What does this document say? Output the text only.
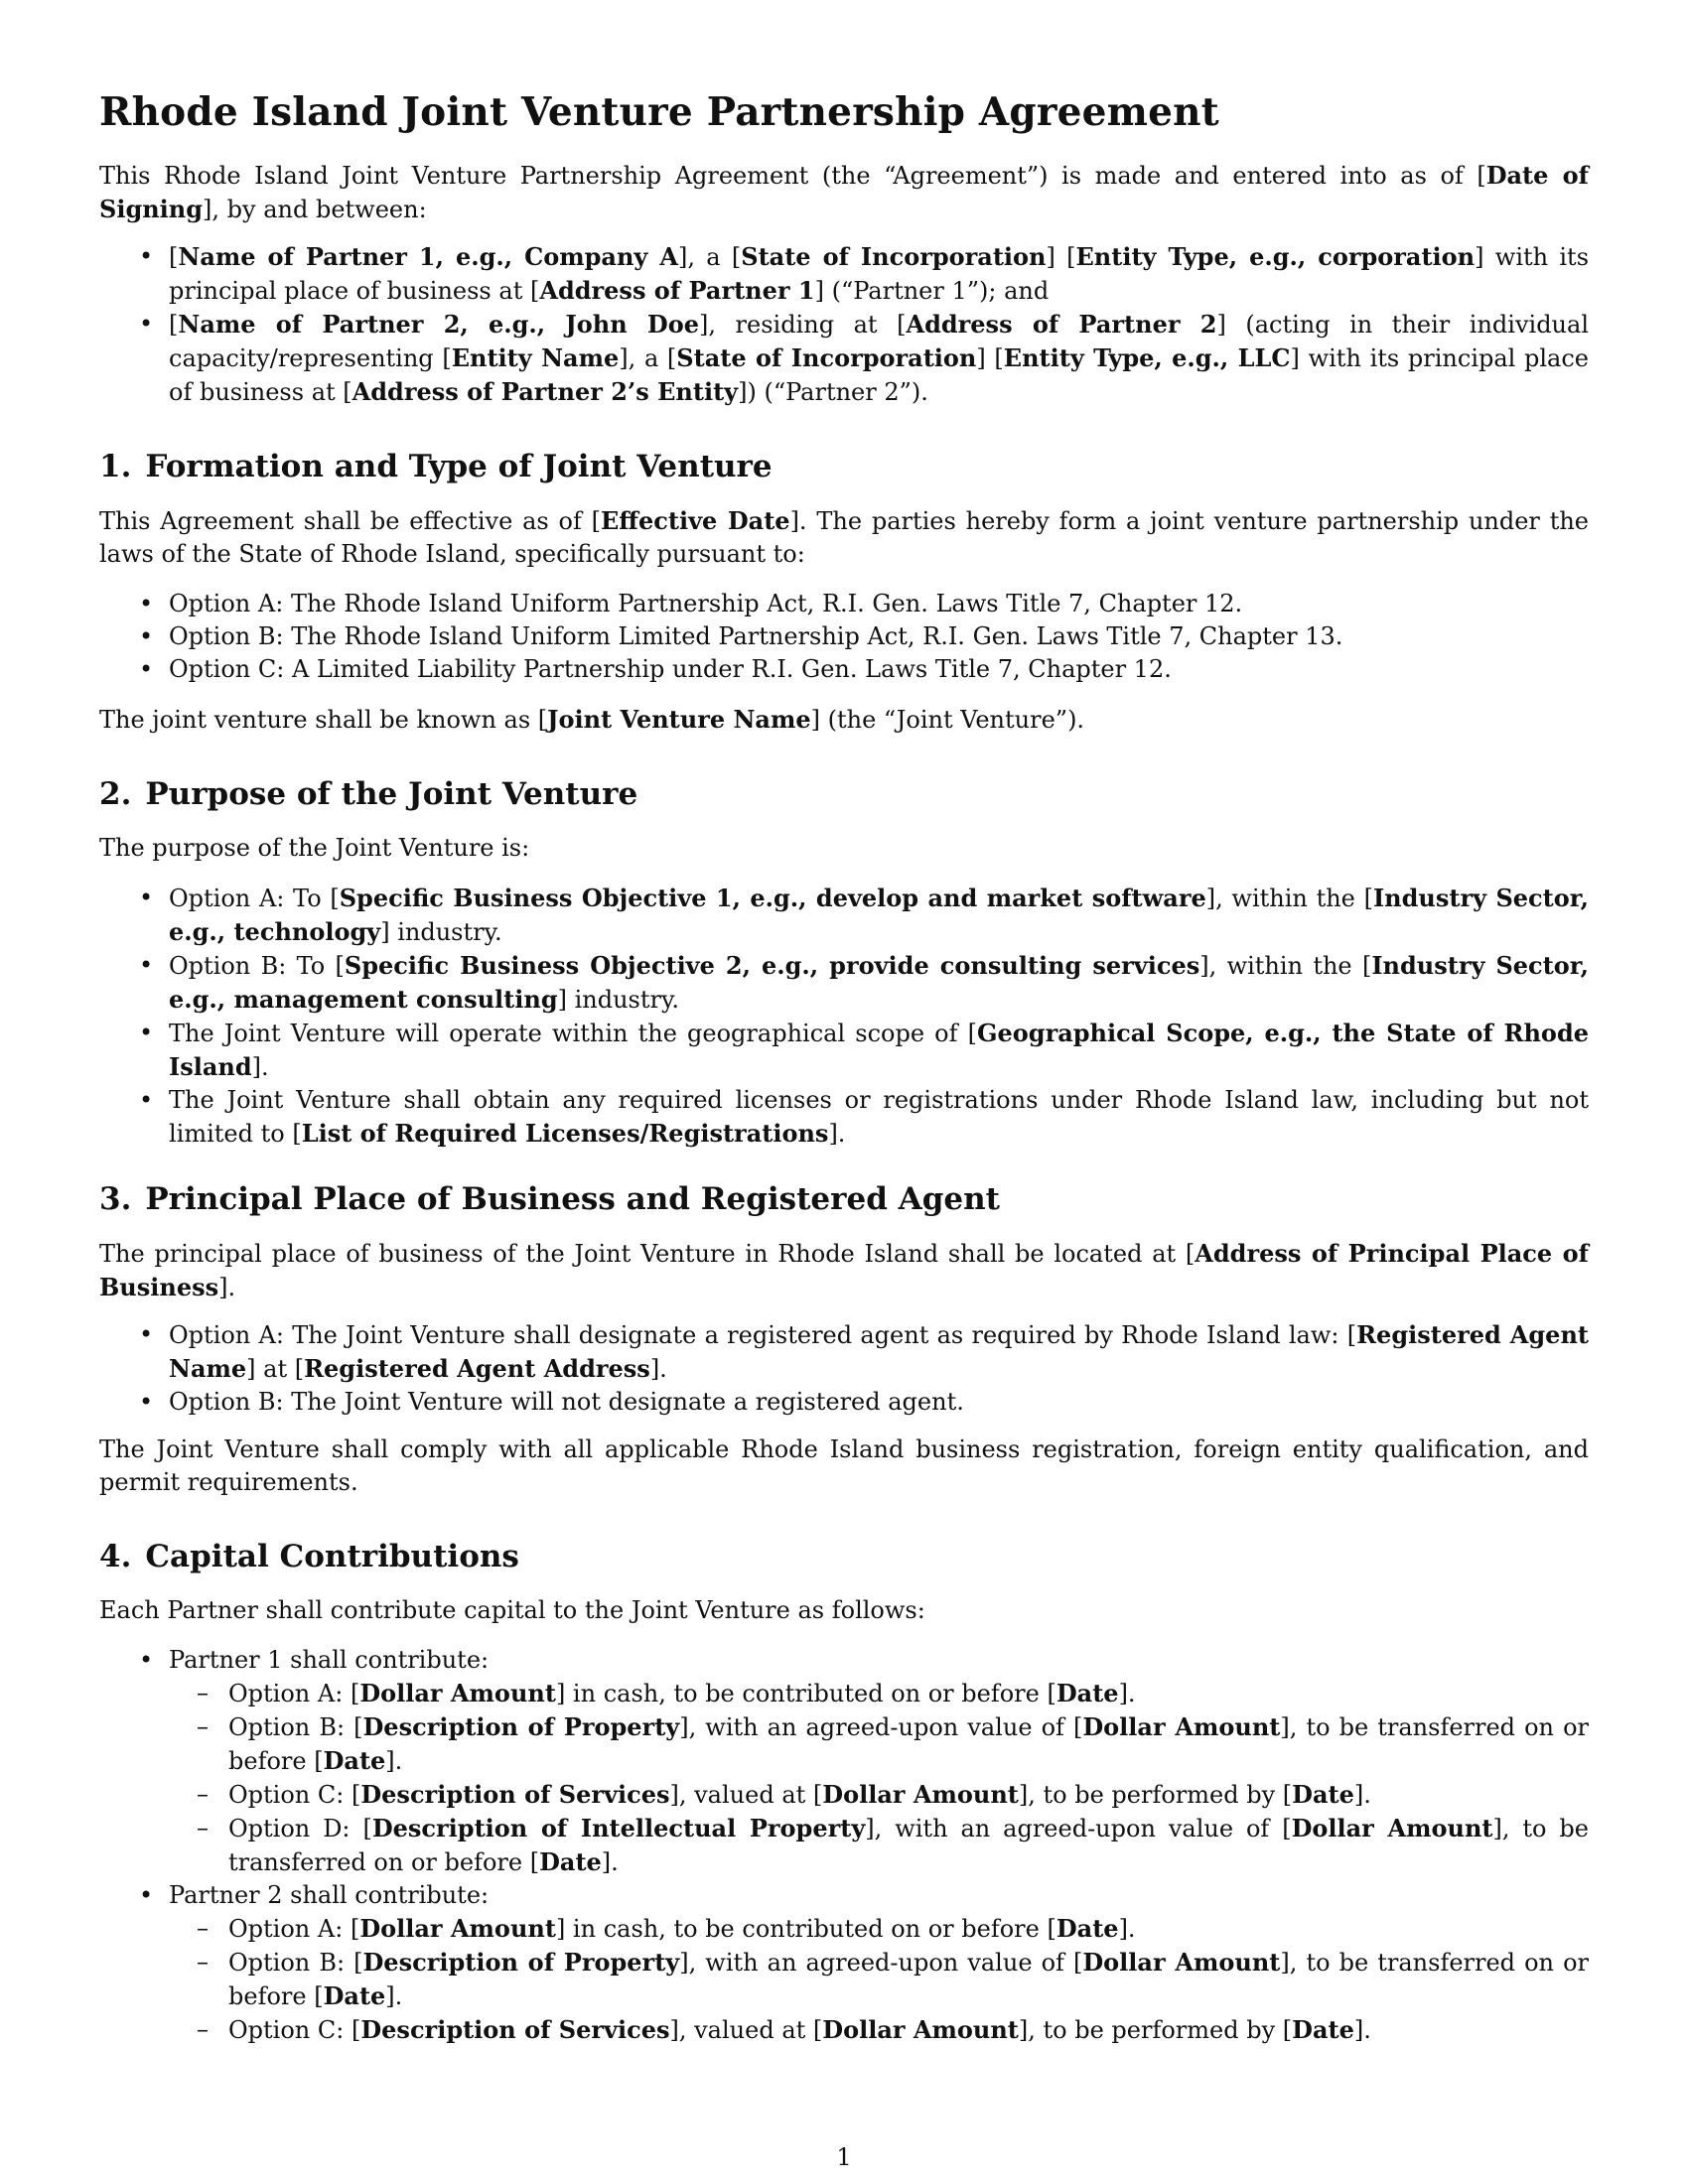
Rhode Island Joint Venture Partnership Agreement

This Rhode Island Joint Venture Partnership Agreement (the “Agreement”) is made and entered into as of [Date of Signing], by and between:

• [Name of Partner 1, e.g., Company A], a [State of Incorporation] [Entity Type, e.g., corporation] with its principal place of business at [Address of Partner 1] (“Partner 1”); and
• [Name of Partner 2, e.g., John Doe], residing at [Address of Partner 2] (acting in their individual capacity/representing [Entity Name], a [State of Incorporation] [Entity Type, e.g., LLC] with its principal place of business at [Address of Partner 2’s Entity]) (“Partner 2”).
1. Formation and Type of Joint Venture

This Agreement shall be effective as of [Effective Date]. The parties hereby form a joint venture partnership under the laws of the State of Rhode Island, specifically pursuant to:

• Option A: The Rhode Island Uniform Partnership Act, R.I. Gen. Laws Title 7, Chapter 12.
• Option B: The Rhode Island Uniform Limited Partnership Act, R.I. Gen. Laws Title 7, Chapter 13.
• Option C: A Limited Liability Partnership under R.I. Gen. Laws Title 7, Chapter 12.

The joint venture shall be known as [Joint Venture Name] (the “Joint Venture”).

2. Purpose of the Joint Venture

The purpose of the Joint Venture is:

• Option A: To [Specific Business Objective 1, e.g., develop and market software], within the [Industry Sector, e.g., technology] industry.
• Option B: To [Specific Business Objective 2, e.g., provide consulting services], within the [Industry Sector, e.g., management consulting] industry.
• The Joint Venture will operate within the geographical scope of [Geographical Scope, e.g., the State of Rhode Island].
• The Joint Venture shall obtain any required licenses or registrations under Rhode Island law, including but not limited to [List of Required Licenses/Registrations].
3. Principal Place of Business and Registered Agent

The principal place of business of the Joint Venture in Rhode Island shall be located at [Address of Principal Place of Business].

• Option A: The Joint Venture shall designate a registered agent as required by Rhode Island law: [Registered Agent Name] at [Registered Agent Address].
• Option B: The Joint Venture will not designate a registered agent.

The Joint Venture shall comply with all applicable Rhode Island business registration, foreign entity qualification, and permit requirements.

4. Capital Contributions

Each Partner shall contribute capital to the Joint Venture as follows:

• Partner 1 shall contribute:
– Option A: [Dollar Amount] in cash, to be contributed on or before [Date].
– Option B: [Description of Property], with an agreed-upon value of [Dollar Amount], to be transferred on or before [Date].
– Option C: [Description of Services], valued at [Dollar Amount], to be performed by [Date].
– Option D: [Description of Intellectual Property], with an agreed-upon value of [Dollar Amount], to be transferred on or before [Date].
• Partner 2 shall contribute:
– Option A: [Dollar Amount] in cash, to be contributed on or before [Date].
– Option B: [Description of Property], with an agreed-upon value of [Dollar Amount], to be transferred on or before [Date].
– Option C: [Description of Services], valued at [Dollar Amount], to be performed by [Date].
1
